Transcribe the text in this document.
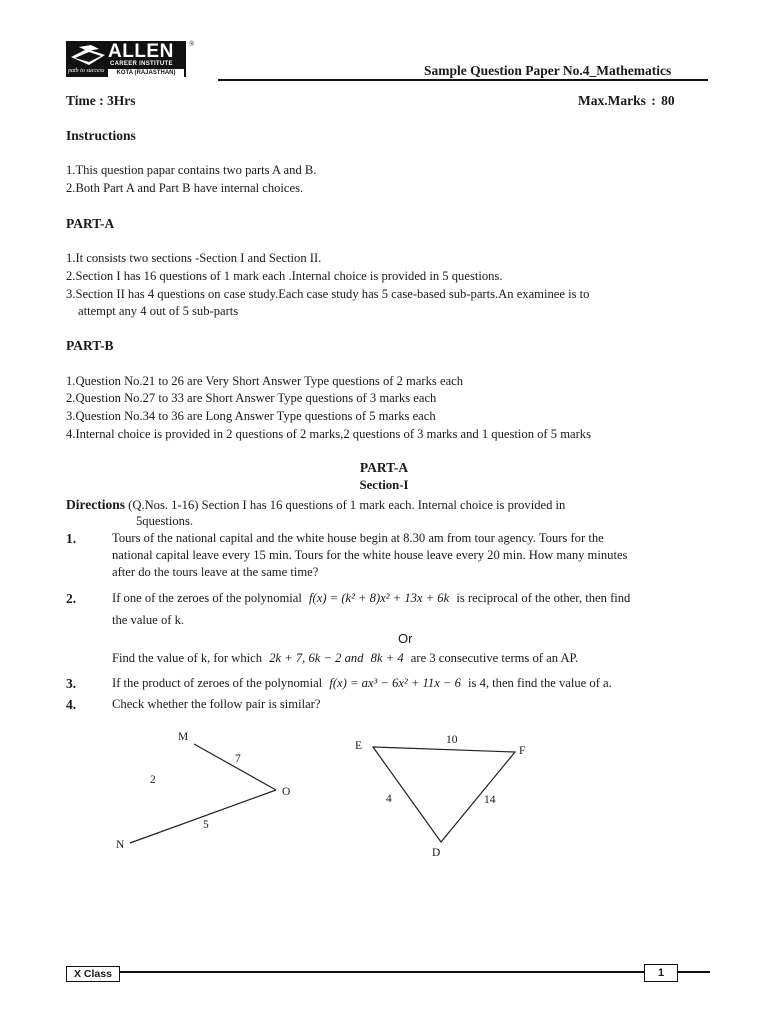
ALLEN
CAREER INSTITUTE
path to success	KOTA (RAJASTHAN)
®
Sample Question Paper No.4_Mathematics
Time : 3Hrs	Max.Marks : 80
Instructions
1.This question papar contains two parts A and B.
2.Both Part A and Part B have internal choices.
PART-A
1.It consists two sections -Section I and Section II.
2.Section I has 16 questions of 1 mark each .Internal choice is provided in 5 questions.
3.Section II has 4 questions on case study.Each case study has 5 case-based sub-parts.An examinee is to
attempt any 4 out of 5 sub-parts
PART-B
1.Question No.21 to 26 are Very Short Answer Type questions of 2 marks each
2.Question No.27 to 33 are Short Answer Type questions of 3 marks each
3.Question No.34 to 36 are Long Answer Type questions of 5 marks each
4.Internal choice is provided in 2 questions of 2 marks,2 questions of 3 marks and 1 question of 5 marks
PART-A
Section-I
Directions (Q.Nos. 1-16) Section I has 16 questions of 1 mark each. Internal choice is provided in
5questions.
1.	Tours of the national capital and the white house begin at 8.30 am from tour agency. Tours for the
national capital leave every 15 min. Tours for the white house leave every 20 min. How many minutes
after do the tours leave at the same time?
2.	If one of the zeroes of the polynomial f(x) = (k² + 8)x² + 13x + 6k is reciprocal of the other, then find
the value of k.
Or
Find the value of k, for which 2k + 7, 6k − 2 and 8k + 4 are 3 consecutive terms of an AP.
3.	If the product of zeroes of the polynomial f(x) = ax³ − 6x² + 11x − 6 is 4, then find the value of a.
4.	Check whether the follow pair is similar?
M
O
N
7
2
5
E	F
D
10
4	14
X Class	1
